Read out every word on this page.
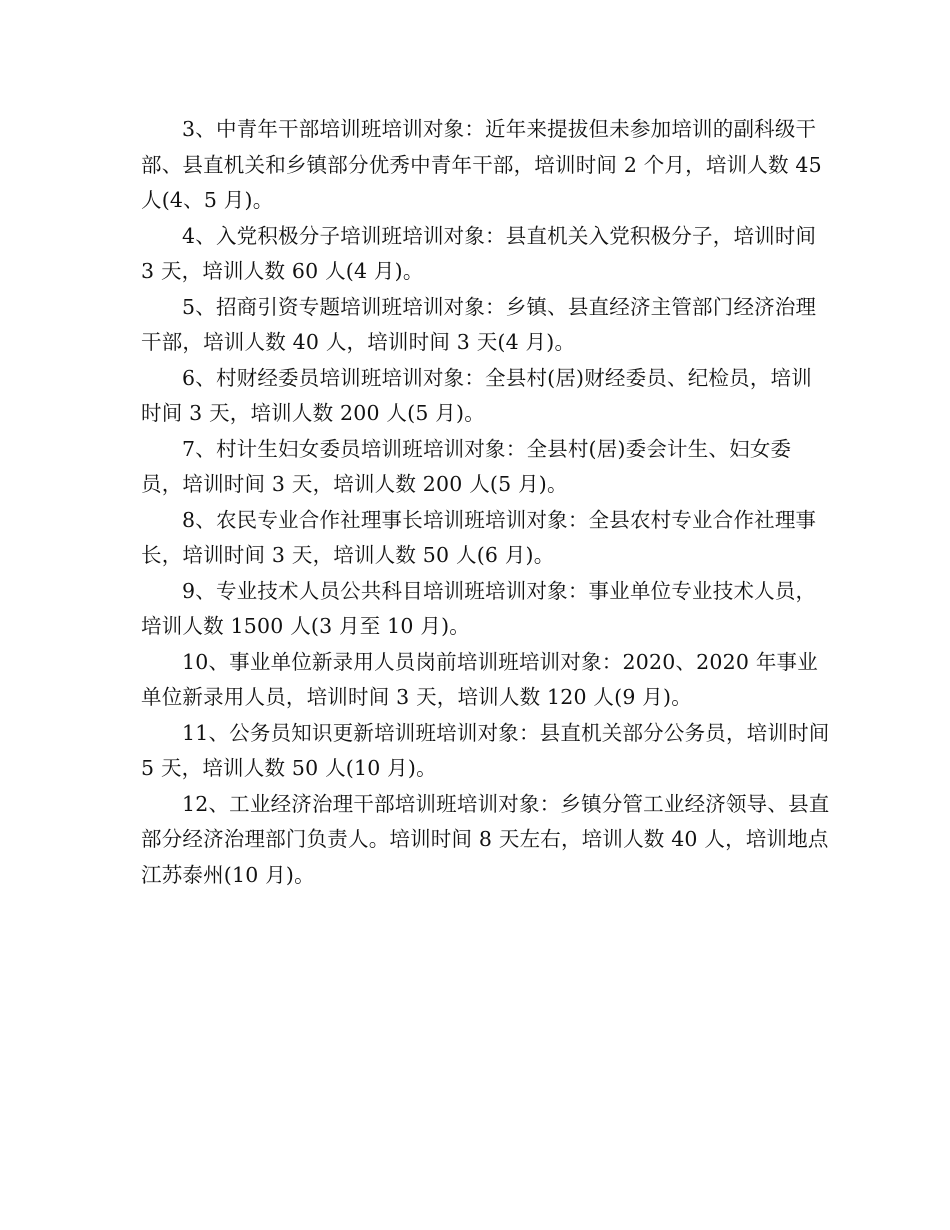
3、中青年干部培训班培训对象：近年来提拔但未参加培训的副科级干部、县直机关和乡镇部分优秀中青年干部，培训时间 2 个月，培训人数 45 人(4、5 月)。

4、入党积极分子培训班培训对象：县直机关入党积极分子，培训时间 3 天，培训人数 60 人(4 月)。

5、招商引资专题培训班培训对象：乡镇、县直经济主管部门经济治理干部，培训人数 40 人，培训时间 3 天(4 月)。

6、村财经委员培训班培训对象：全县村(居)财经委员、纪检员，培训时间 3 天，培训人数 200 人(5 月)。

7、村计生妇女委员培训班培训对象：全县村(居)委会计生、妇女委员，培训时间 3 天，培训人数 200 人(5 月)。

8、农民专业合作社理事长培训班培训对象：全县农村专业合作社理事长，培训时间 3 天，培训人数 50 人(6 月)。

9、专业技术人员公共科目培训班培训对象：事业单位专业技术人员，培训人数 1500 人(3 月至 10 月)。

10、事业单位新录用人员岗前培训班培训对象：2020、2020 年事业单位新录用人员，培训时间 3 天，培训人数 120 人(9 月)。

11、公务员知识更新培训班培训对象：县直机关部分公务员，培训时间 5 天，培训人数 50 人(10 月)。

12、工业经济治理干部培训班培训对象：乡镇分管工业经济领导、县直部分经济治理部门负责人。培训时间 8 天左右，培训人数 40 人，培训地点江苏泰州(10 月)。
